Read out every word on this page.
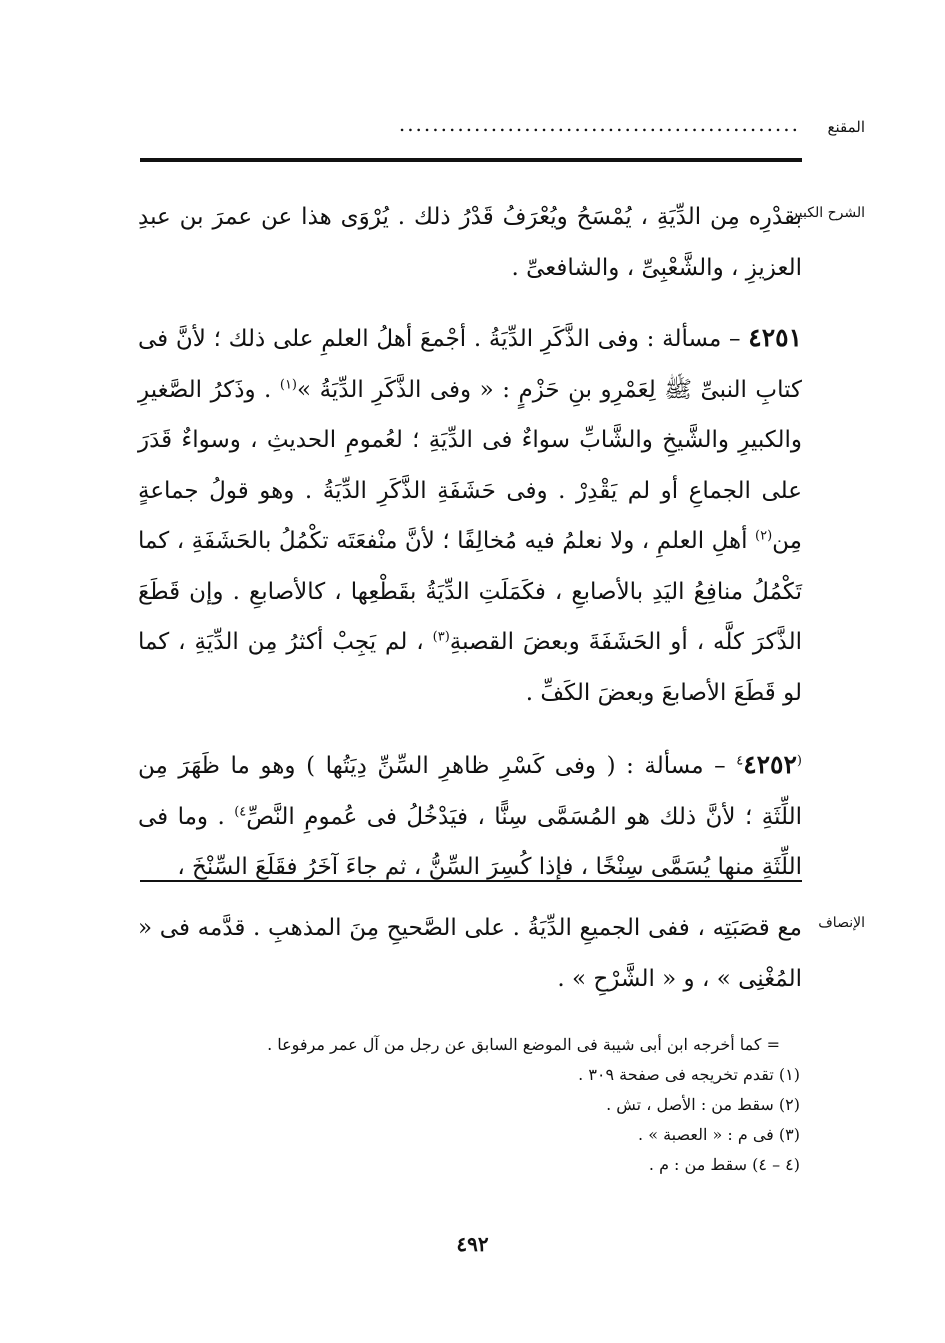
المقنع
................................................
الشرح الكبير

بقدْرِه مِن الدِّيَةِ ، يُمْسَحُ ويُعْرَفُ قَدْرُ ذلك . يُرْوَى هذا عن عمرَ بن عبدِ العزيزِ ، والشَّعْبِىِّ ، والشافعىِّ .

٤٢٥١ – مسألة : وفى الذَّكَرِ الدِّيَةُ . أجْمعَ أهلُ العلمِ على ذلك ؛ لأنَّ فى كتابِ النبىِّ ﷺ لِعَمْرِو بنِ حَزْمٍ : « وفى الذَّكَرِ الدِّيَةُ »$^{(١)}$ . وذَكرُ الصَّغيرِ والكبيرِ والشَّيخِ والشَّابِّ سواءٌ فى الدِّيَةِ ؛ لعُمومِ الحديثِ ، وسواءٌ قَدَرَ على الجماعِ أو لم يَقْدِرْ . وفى حَشَفَةِ الذَّكَرِ الدِّيَةُ . وهو قولُ جماعةٍ مِن$^{(٢)}$ أهلِ العلمِ ، ولا نعلمُ فيه مُخالِفًا ؛ لأنَّ منْفعَتَه تكْمُلُ بالحَشَفَةِ ، كما تَكْمُلُ منافِعُ اليَدِ بالأصابعِ ، فكَمَلَتِ الدِّيَةُ بقَطْعِها ، كالأصابعِ . وإن قَطَعَ الذَّكرَ كلَّه ، أو الحَشَفَةَ وبعضَ القصبةِ$^{(٣)}$ ، لم يَجِبْ أكثرُ مِن الدِّيَةِ ، كما لو قَطَعَ الأصابعَ وبعضَ الكَفِّ .

$^{(٤}$٤٢٥٢ – مسألة : ( وفى كَسْرِ ظاهرِ السِّنِّ دِيَتُها ) وهو ما ظَهَرَ مِن اللِّثَةِ ؛ لأنَّ ذلك هو المُسَمَّى سِنًّا ، فيَدْخُلُ فى عُمومِ النَّصِّ$^{٤)}$ . وما فى اللِّثَةِ منها يُسَمَّى سِنْخًا ، فإذا كُسِرَ السِّنُّ ، ثم جاءَ آخَرُ فقَلَعَ السِّنْخَ ،

الإنصاف

مع قصَبَتِه ، ففى الجميعِ الدِّيَةُ . على الصَّحيحِ مِنَ المذهبِ . قدَّمه فى « المُغْنِى » ، و « الشَّرْحِ » .

= كما أخرجه ابن أبى شيبة فى الموضع السابق عن رجل من آل عمر مرفوعا .
(١) تقدم تخريجه فى صفحة ٣٠٩ .
(٢) سقط من : الأصل ، تش .
(٣) فى م : « العصبة » .
(٤ – ٤) سقط من : م .
٤٩٢
